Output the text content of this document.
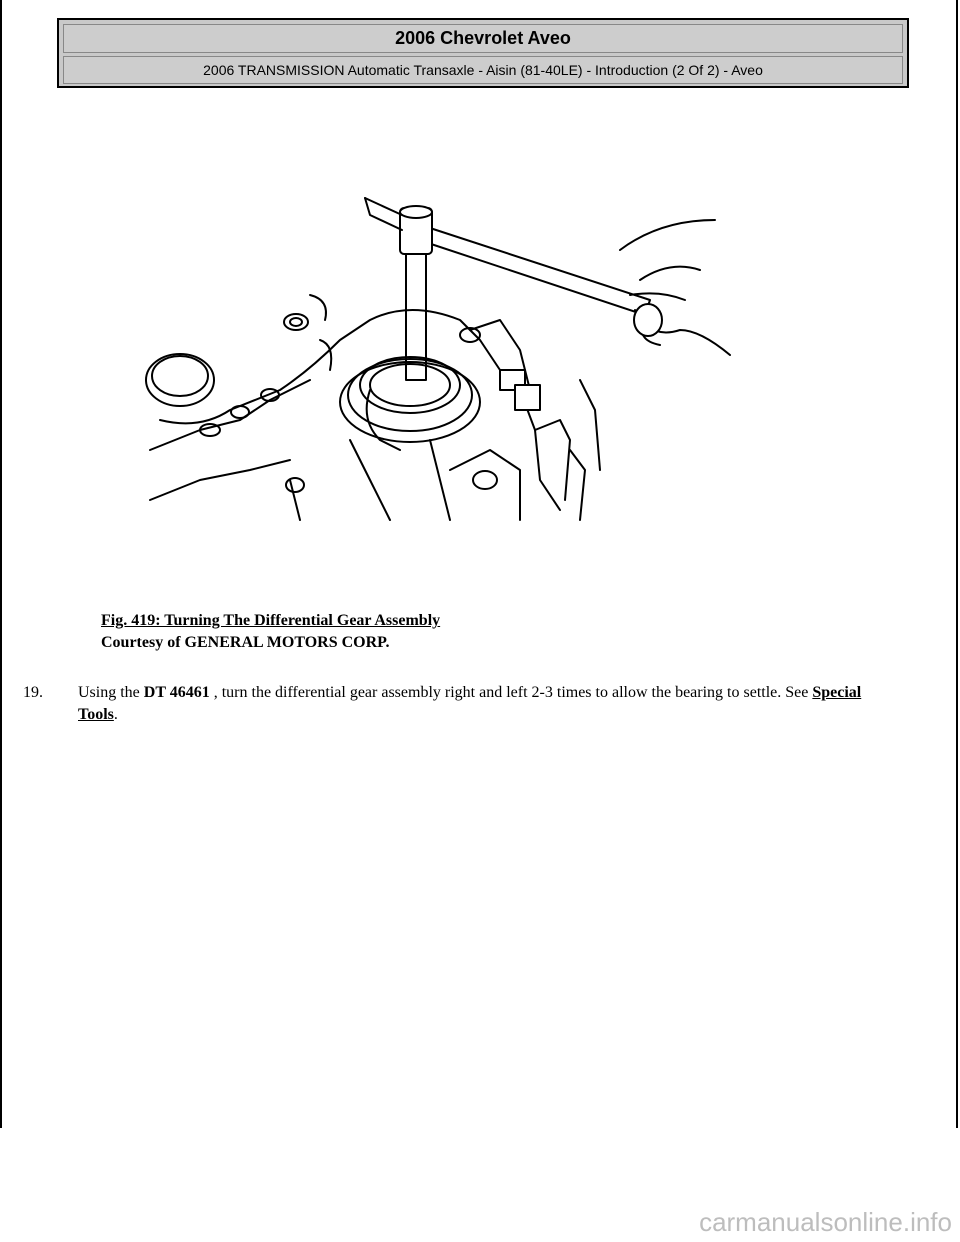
2006 Chevrolet Aveo
2006 TRANSMISSION Automatic Transaxle - Aisin (81-40LE) - Introduction (2 Of 2) - Aveo
Fig. 419: Turning The Differential Gear Assembly
Courtesy of GENERAL MOTORS CORP.
19. Using the DT 46461 , turn the differential gear assembly right and left 2-3 times to allow the bearing to settle. See Special Tools.
carmanualsonline.info
